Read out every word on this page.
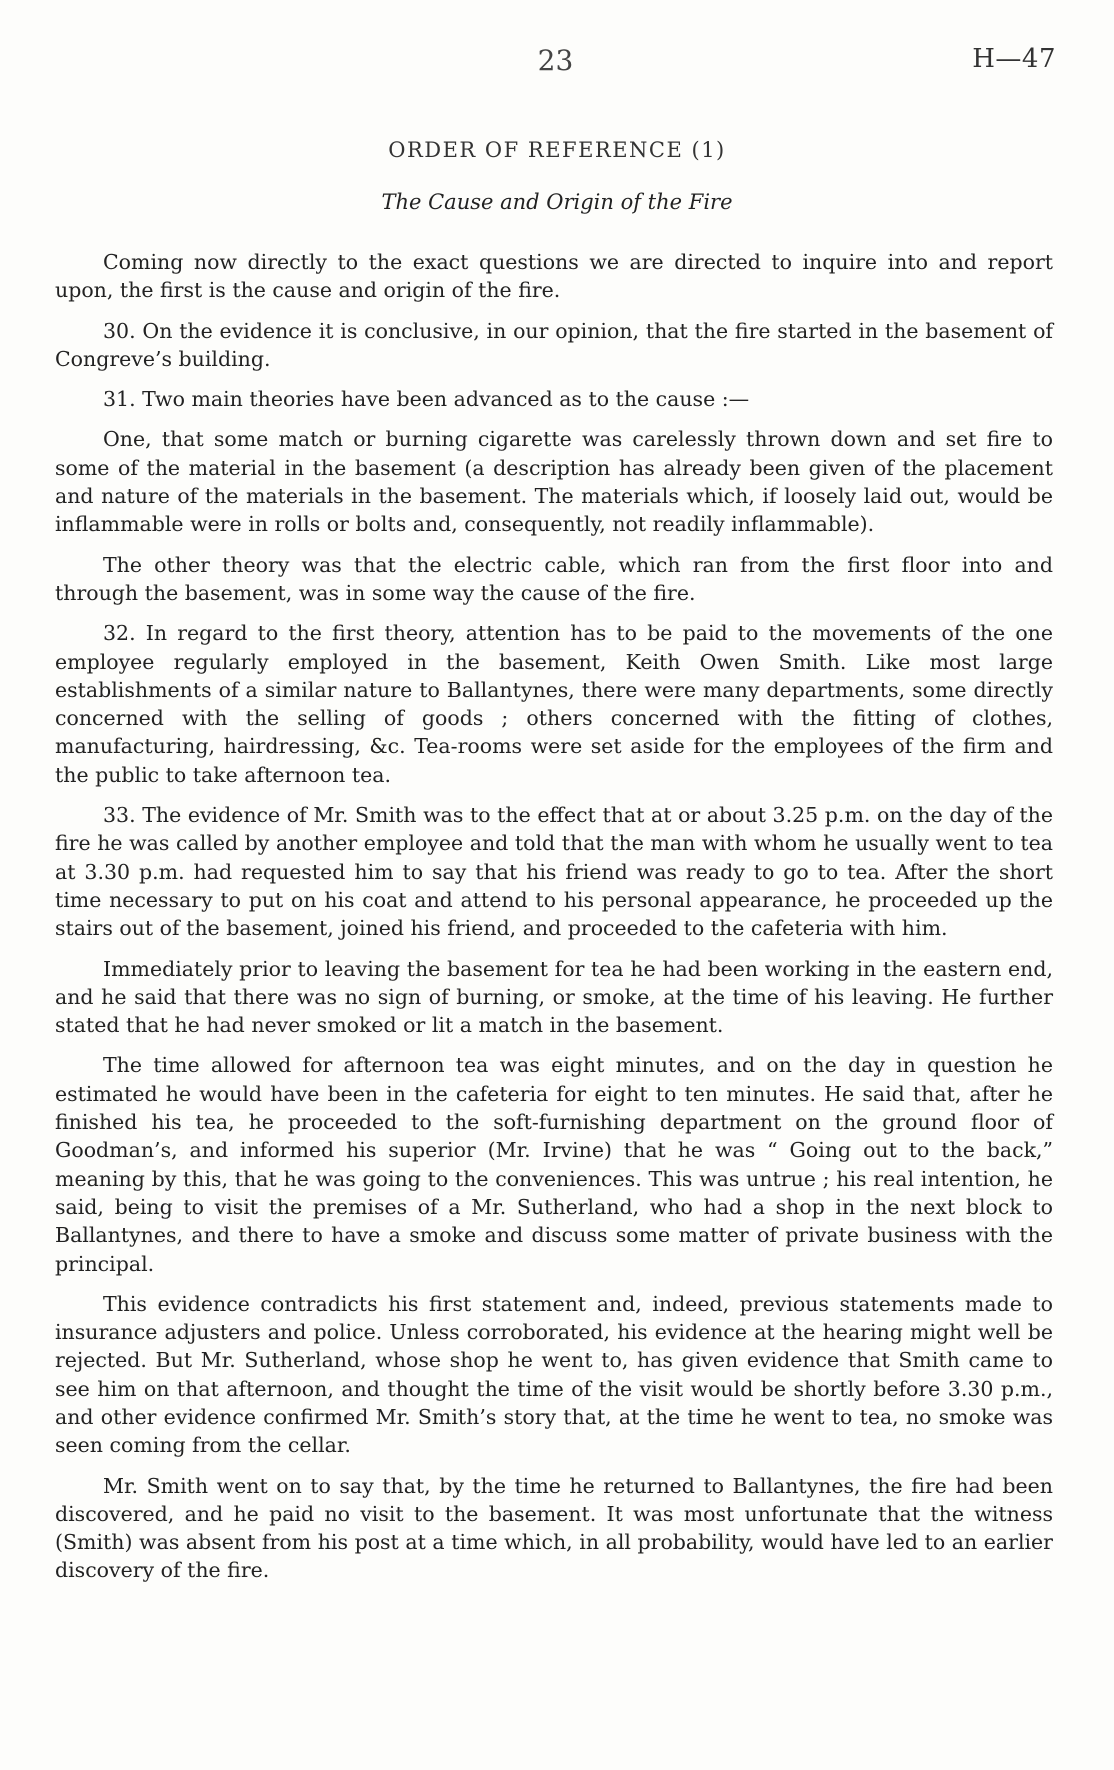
23	H—47
ORDER OF REFERENCE (1)
The Cause and Origin of the Fire

Coming now directly to the exact questions we are directed to inquire into and report upon, the first is the cause and origin of the fire.

30. On the evidence it is conclusive, in our opinion, that the fire started in the basement of Congreve’s building.

31. Two main theories have been advanced as to the cause :—

One, that some match or burning cigarette was carelessly thrown down and set fire to some of the material in the basement (a description has already been given of the placement and nature of the materials in the basement. The materials which, if loosely laid out, would be inflammable were in rolls or bolts and, consequently, not readily inflammable).

The other theory was that the electric cable, which ran from the first floor into and through the basement, was in some way the cause of the fire.

32. In regard to the first theory, attention has to be paid to the movements of the one employee regularly employed in the basement, Keith Owen Smith. Like most large establishments of a similar nature to Ballantynes, there were many departments, some directly concerned with the selling of goods ; others concerned with the fitting of clothes, manufacturing, hairdressing, &c. Tea-rooms were set aside for the employees of the firm and the public to take afternoon tea.

33. The evidence of Mr. Smith was to the effect that at or about 3.25 p.m. on the day of the fire he was called by another employee and told that the man with whom he usually went to tea at 3.30 p.m. had requested him to say that his friend was ready to go to tea. After the short time necessary to put on his coat and attend to his personal appearance, he proceeded up the stairs out of the basement, joined his friend, and proceeded to the cafeteria with him.

Immediately prior to leaving the basement for tea he had been working in the eastern end, and he said that there was no sign of burning, or smoke, at the time of his leaving. He further stated that he had never smoked or lit a match in the basement.

The time allowed for afternoon tea was eight minutes, and on the day in question he estimated he would have been in the cafeteria for eight to ten minutes. He said that, after he finished his tea, he proceeded to the soft-furnishing department on the ground floor of Goodman’s, and informed his superior (Mr. Irvine) that he was “ Going out to the back,” meaning by this, that he was going to the conveniences. This was untrue ; his real intention, he said, being to visit the premises of a Mr. Sutherland, who had a shop in the next block to Ballantynes, and there to have a smoke and discuss some matter of private business with the principal.

This evidence contradicts his first statement and, indeed, previous statements made to insurance adjusters and police. Unless corroborated, his evidence at the hearing might well be rejected. But Mr. Sutherland, whose shop he went to, has given evidence that Smith came to see him on that afternoon, and thought the time of the visit would be shortly before 3.30 p.m., and other evidence confirmed Mr. Smith’s story that, at the time he went to tea, no smoke was seen coming from the cellar.

Mr. Smith went on to say that, by the time he returned to Ballantynes, the fire had been discovered, and he paid no visit to the basement. It was most unfortunate that the witness (Smith) was absent from his post at a time which, in all probability, would have led to an earlier discovery of the fire.
